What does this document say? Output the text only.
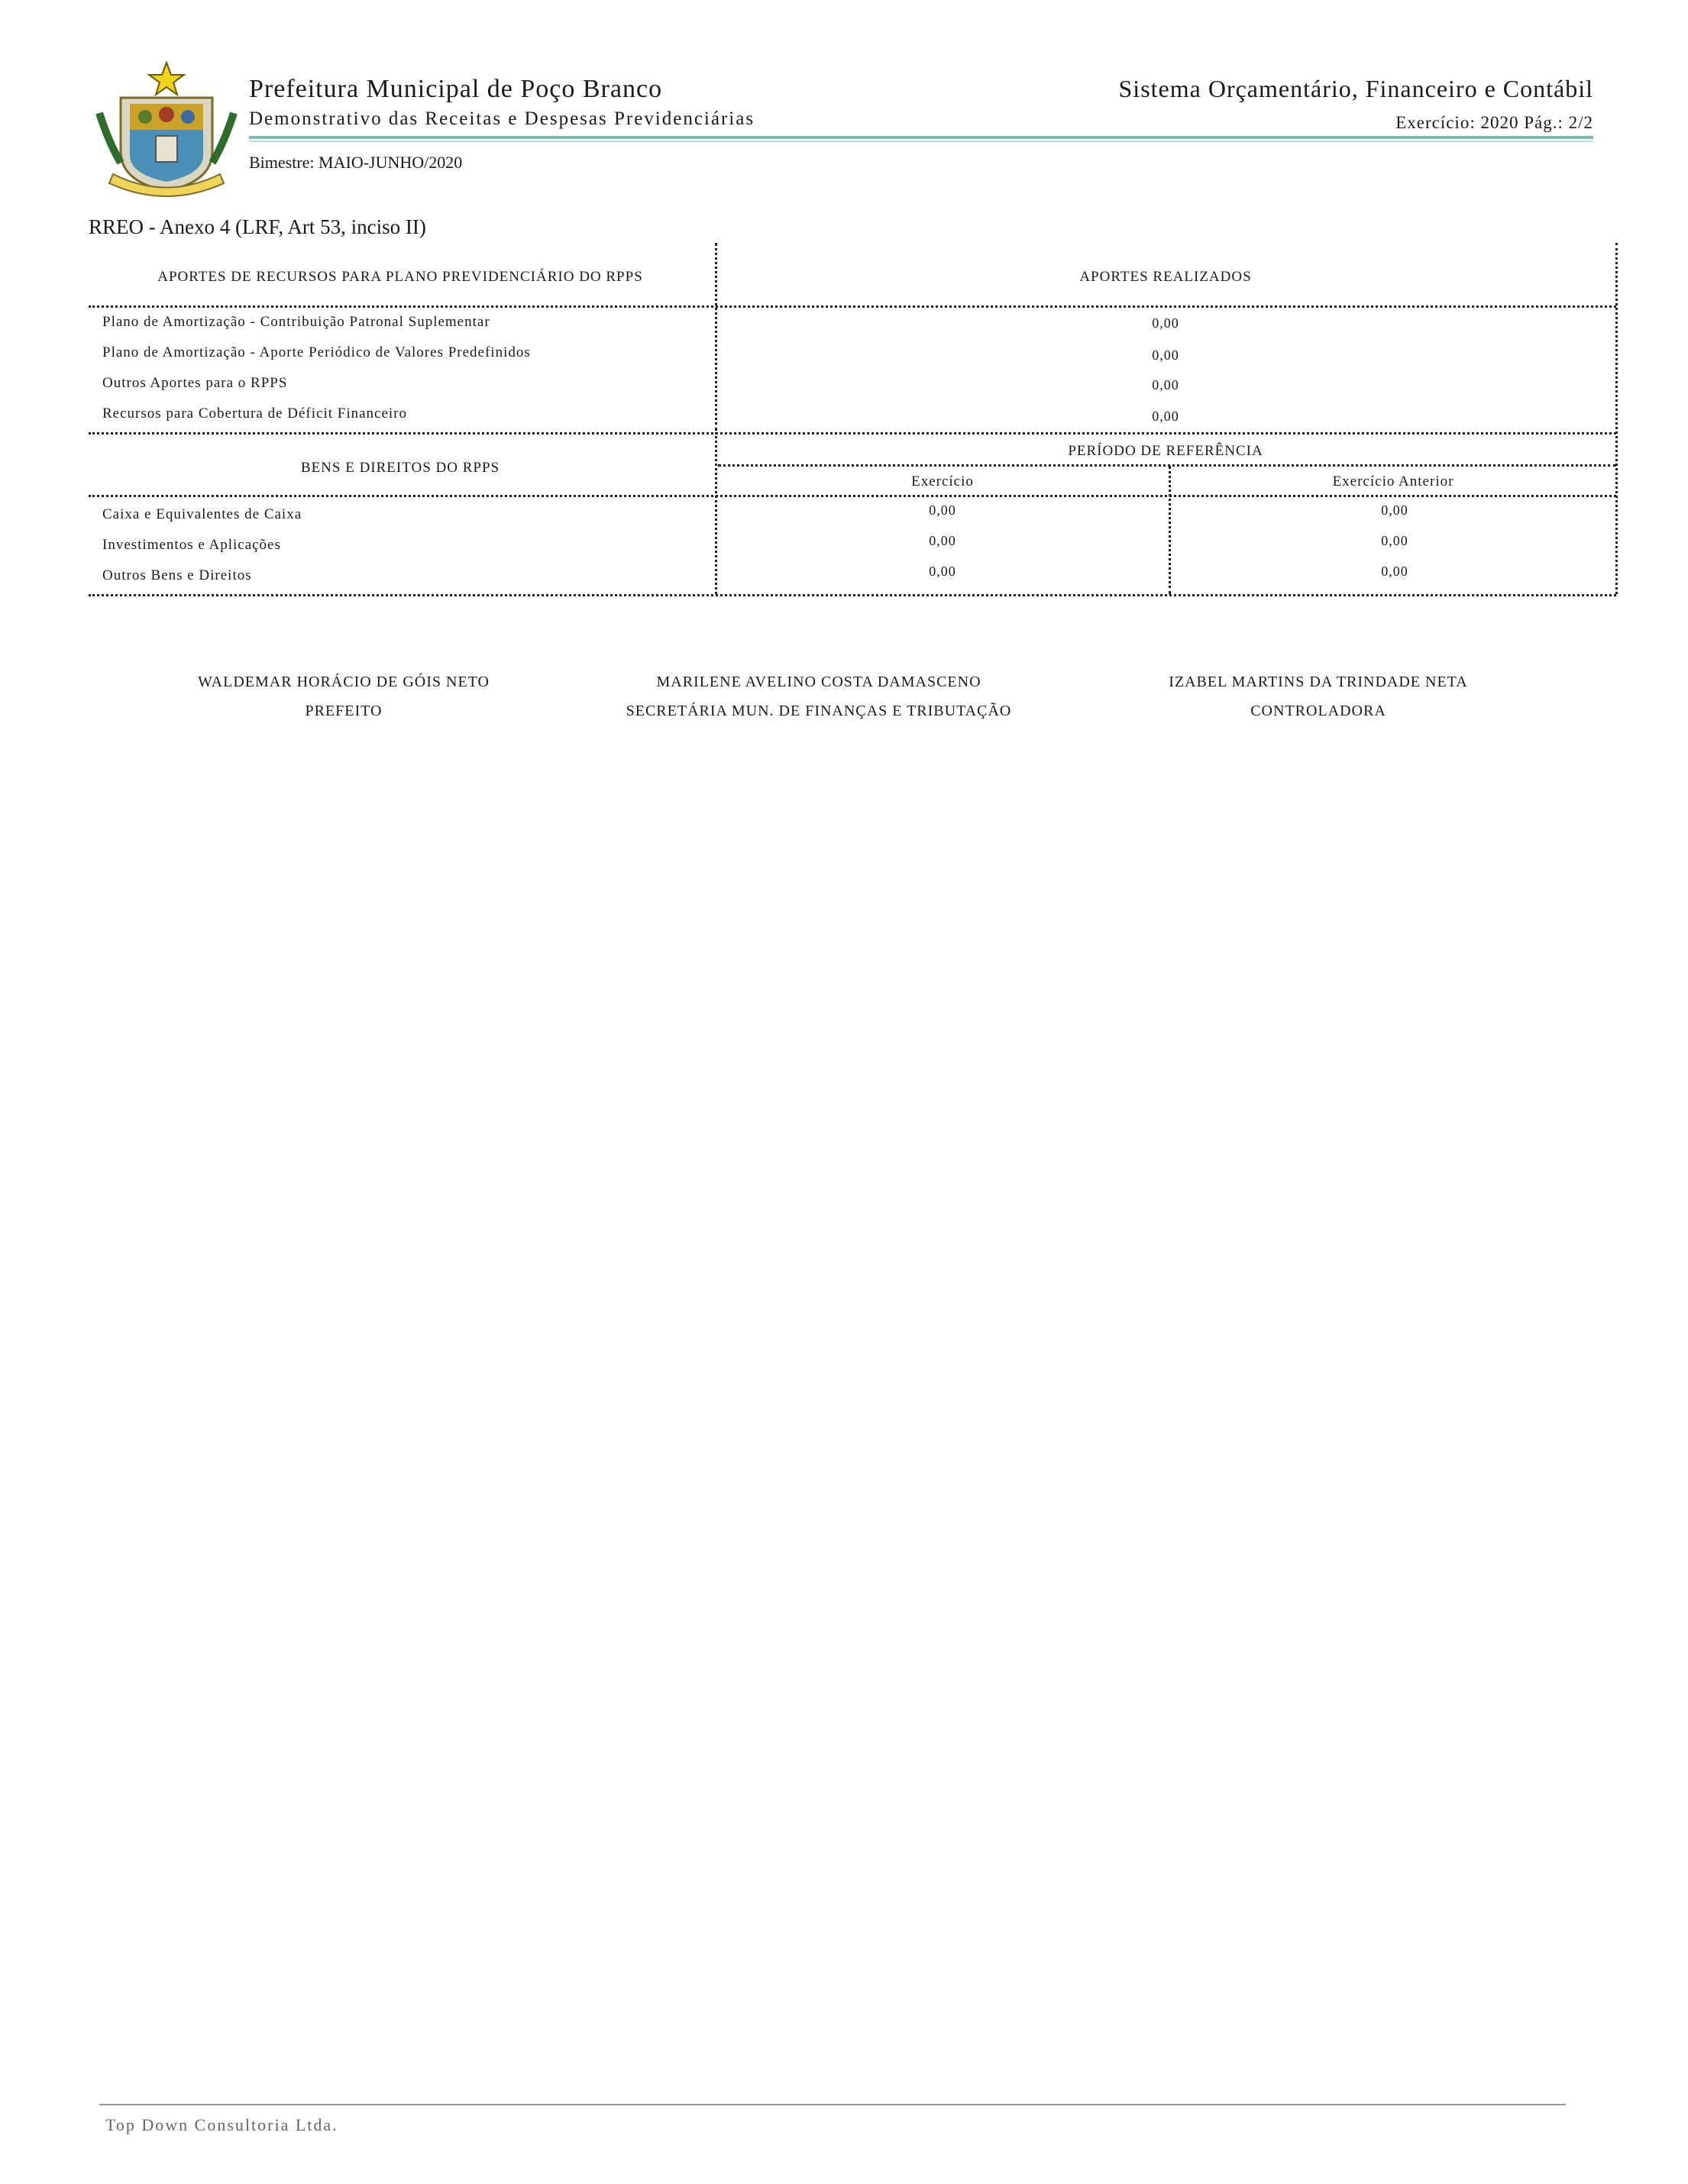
Prefeitura Municipal de Poço Branco
Demonstrativo das Receitas e Despesas Previdenciárias
Bimestre: MAIO-JUNHO/2020
Sistema Orçamentário, Financeiro e Contábil
Exercício: 2020 Pág.: 2/2
RREO - Anexo 4 (LRF, Art 53, inciso II)
APORTES DE RECURSOS PARA PLANO PREVIDENCIÁRIO DO RPPS	APORTES REALIZADOS
Plano de Amortização - Contribuição Patronal Suplementar	0,00
Plano de Amortização - Aporte Periódico de Valores Predefinidos	0,00
Outros Aportes para o RPPS	0,00
Recursos para Cobertura de Déficit Financeiro	0,00
BENS E DIREITOS DO RPPS
PERÍODO DE REFERÊNCIA
Exercício	Exercício Anterior
Caixa e Equivalentes de Caixa	0,00	0,00
Investimentos e Aplicações	0,00	0,00
Outros Bens e Direitos	0,00	0,00
WALDEMAR HORÁCIO DE GÓIS NETO
PREFEITO
MARILENE AVELINO COSTA DAMASCENO
SECRETÁRIA MUN. DE FINANÇAS E TRIBUTAÇÃO
IZABEL MARTINS DA TRINDADE NETA
CONTROLADORA
Top Down Consultoria Ltda.
